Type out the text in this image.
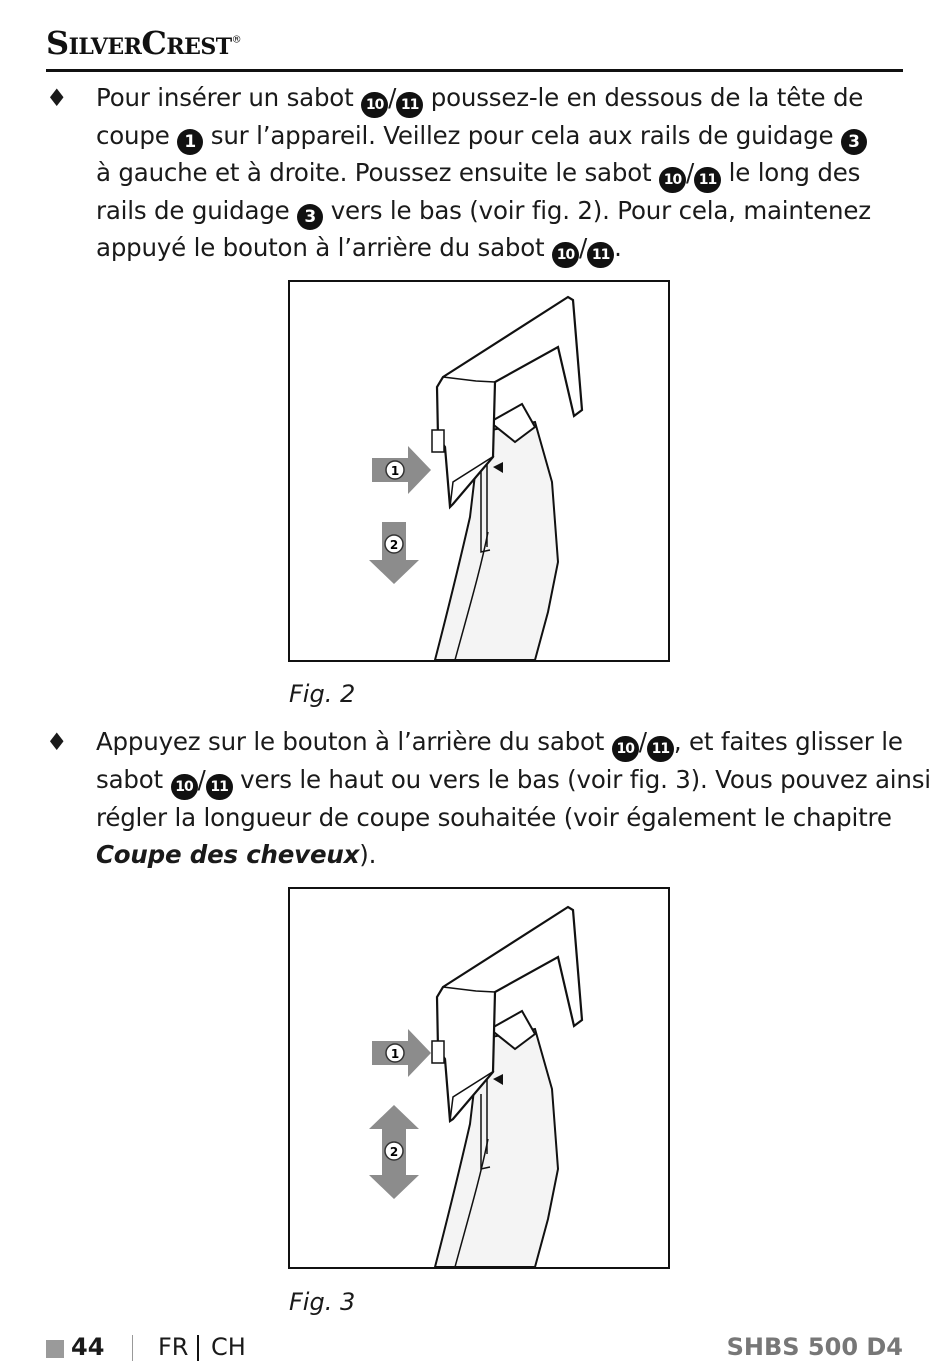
SilverCrest®
♦	Pour insérer un sabot 10 / 11 poussez-le en dessous de la tête de
coupe 1 sur l’appareil. Veillez pour cela aux rails de guidage 3
à gauche et à droite. Poussez ensuite le sabot 10 / 11 le long des
rails de guidage 3 vers le bas (voir fig. 2). Pour cela, maintenez
appuyé le bouton à l’arrière du sabot 10 / 11 .
1
2
Fig. 2
♦	Appuyez sur le bouton à l’arrière du sabot 10 / 11 , et faites glisser le
sabot 10 / 11 vers le haut ou vers le bas (voir fig. 3). Vous pouvez ainsi
régler la longueur de coupe souhaitée (voir également le chapitre
Coupe des cheveux).
1
2
Fig. 3
44 FR CH	SHBS 500 D4
